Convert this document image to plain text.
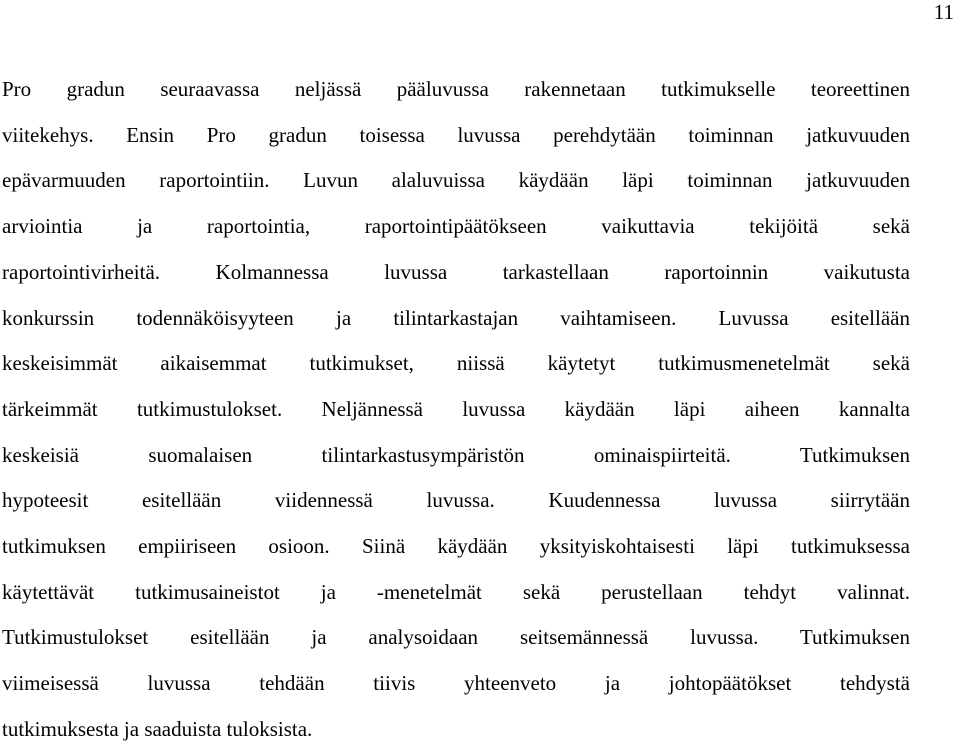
11
Pro gradun seuraavassa neljässä pääluvussa rakennetaan tutkimukselle teoreettinen
viitekehys. Ensin Pro gradun toisessa luvussa perehdytään toiminnan jatkuvuuden
epävarmuuden raportointiin. Luvun alaluvuissa käydään läpi toiminnan jatkuvuuden
arviointia ja raportointia, raportointipäätökseen vaikuttavia tekijöitä sekä
raportointivirheitä. Kolmannessa luvussa tarkastellaan raportoinnin vaikutusta
konkurssin todennäköisyyteen ja tilintarkastajan vaihtamiseen. Luvussa esitellään
keskeisimmät aikaisemmat tutkimukset, niissä käytetyt tutkimusmenetelmät sekä
tärkeimmät tutkimustulokset. Neljännessä luvussa käydään läpi aiheen kannalta
keskeisiä suomalaisen tilintarkastusympäristön ominaispiirteitä. Tutkimuksen
hypoteesit esitellään viidennessä luvussa. Kuudennessa luvussa siirrytään
tutkimuksen empiiriseen osioon. Siinä käydään yksityiskohtaisesti läpi tutkimuksessa
käytettävät tutkimusaineistot ja -menetelmät sekä perustellaan tehdyt valinnat.
Tutkimustulokset esitellään ja analysoidaan seitsemännessä luvussa. Tutkimuksen
viimeisessä luvussa tehdään tiivis yhteenveto ja johtopäätökset tehdystä
tutkimuksesta ja saaduista tuloksista.
